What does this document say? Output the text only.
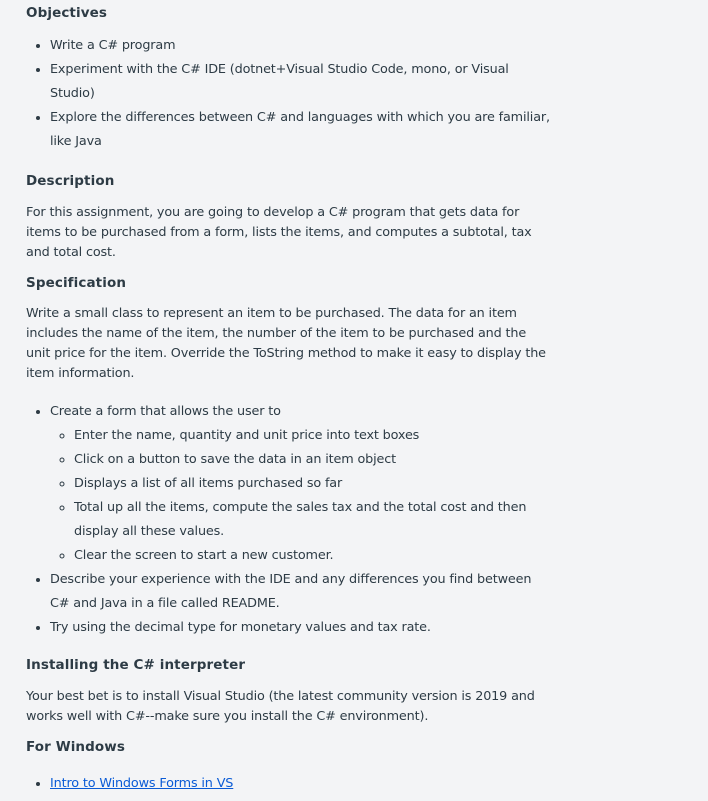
Objectives
• Write a C# program
• Experiment with the C# IDE (dotnet+Visual Studio Code, mono, or Visual Studio)
• Explore the differences between C# and languages with which you are familiar, like Java
Description

For this assignment, you are going to develop a C# program that gets data for items to be purchased from a form, lists the items, and computes a subtotal, tax and total cost.

Specification

Write a small class to represent an item to be purchased. The data for an item includes the name of the item, the number of the item to be purchased and the unit price for the item. Override the ToString method to make it easy to display the item information.

• Create a form that allows the user to
◦ Enter the name, quantity and unit price into text boxes
◦ Click on a button to save the data in an item object
◦ Displays a list of all items purchased so far
◦ Total up all the items, compute the sales tax and the total cost and then display all these values.
◦ Clear the screen to start a new customer.
• Describe your experience with the IDE and any differences you find between C# and Java in a file called README.
• Try using the decimal type for monetary values and tax rate.
Installing the C# interpreter

Your best bet is to install Visual Studio (the latest community version is 2019 and works well with C#--make sure you install the C# environment).

For Windows
• Intro to Windows Forms in VS
